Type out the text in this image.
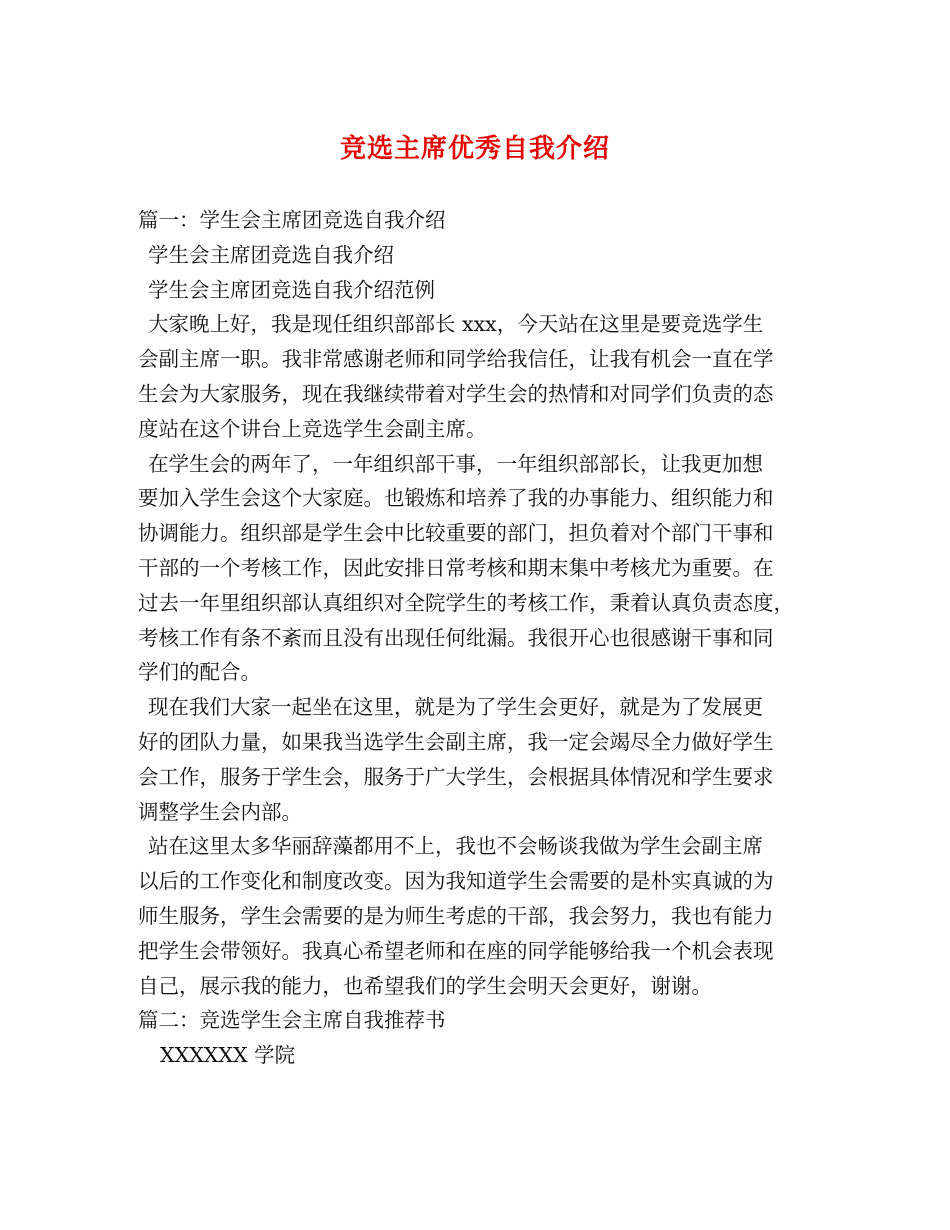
竞选主席优秀自我介绍
篇一：学生会主席团竞选自我介绍
学生会主席团竞选自我介绍
学生会主席团竞选自我介绍范例
大家晚上好，我是现任组织部部长 xxx，今天站在这里是要竞选学生
会副主席一职。我非常感谢老师和同学给我信任，让我有机会一直在学
生会为大家服务，现在我继续带着对学生会的热情和对同学们负责的态
度站在这个讲台上竞选学生会副主席。
在学生会的两年了，一年组织部干事，一年组织部部长，让我更加想
要加入学生会这个大家庭。也锻炼和培养了我的办事能力、组织能力和
协调能力。组织部是学生会中比较重要的部门，担负着对个部门干事和
干部的一个考核工作，因此安排日常考核和期末集中考核尤为重要。在
过去一年里组织部认真组织对全院学生的考核工作，秉着认真负责态度，
考核工作有条不紊而且没有出现任何纰漏。我很开心也很感谢干事和同
学们的配合。
现在我们大家一起坐在这里，就是为了学生会更好，就是为了发展更
好的团队力量，如果我当选学生会副主席，我一定会竭尽全力做好学生
会工作，服务于学生会，服务于广大学生，会根据具体情况和学生要求
调整学生会内部。
站在这里太多华丽辞藻都用不上，我也不会畅谈我做为学生会副主席
以后的工作变化和制度改变。因为我知道学生会需要的是朴实真诚的为
师生服务，学生会需要的是为师生考虑的干部，我会努力，我也有能力
把学生会带领好。我真心希望老师和在座的同学能够给我一个机会表现
自己，展示我的能力，也希望我们的学生会明天会更好，谢谢。
篇二：竞选学生会主席自我推荐书
XXXXXX 学院
